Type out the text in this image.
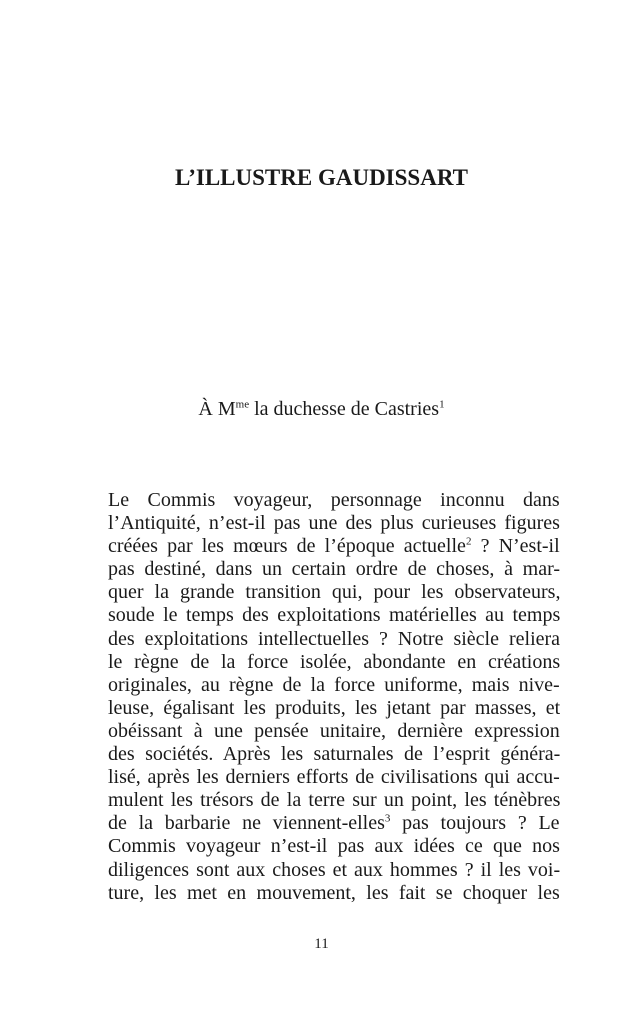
L’ILLUSTRE GAUDISSART
À $M^{me}$ la duchesse de Castries$^1$
Le Commis voyageur, personnage inconnu dans
l’Antiquité, n’est-il pas une des plus curieuses figures
créées par les mœurs de l’époque actuelle$^2$ ? N’est-il
pas destiné, dans un certain ordre de choses, à mar-
quer la grande transition qui, pour les observateurs,
soude le temps des exploitations matérielles au temps
des exploitations intellectuelles ? Notre siècle reliera
le règne de la force isolée, abondante en créations
originales, au règne de la force uniforme, mais nive-
leuse, égalisant les produits, les jetant par masses, et
obéissant à une pensée unitaire, dernière expression
des sociétés. Après les saturnales de l’esprit généra-
lisé, après les derniers efforts de civilisations qui accu-
mulent les trésors de la terre sur un point, les ténèbres
de la barbarie ne viennent-elles$^3$ pas toujours ? Le
Commis voyageur n’est-il pas aux idées ce que nos
diligences sont aux choses et aux hommes ? il les voi-
ture, les met en mouvement, les fait se choquer les
11
